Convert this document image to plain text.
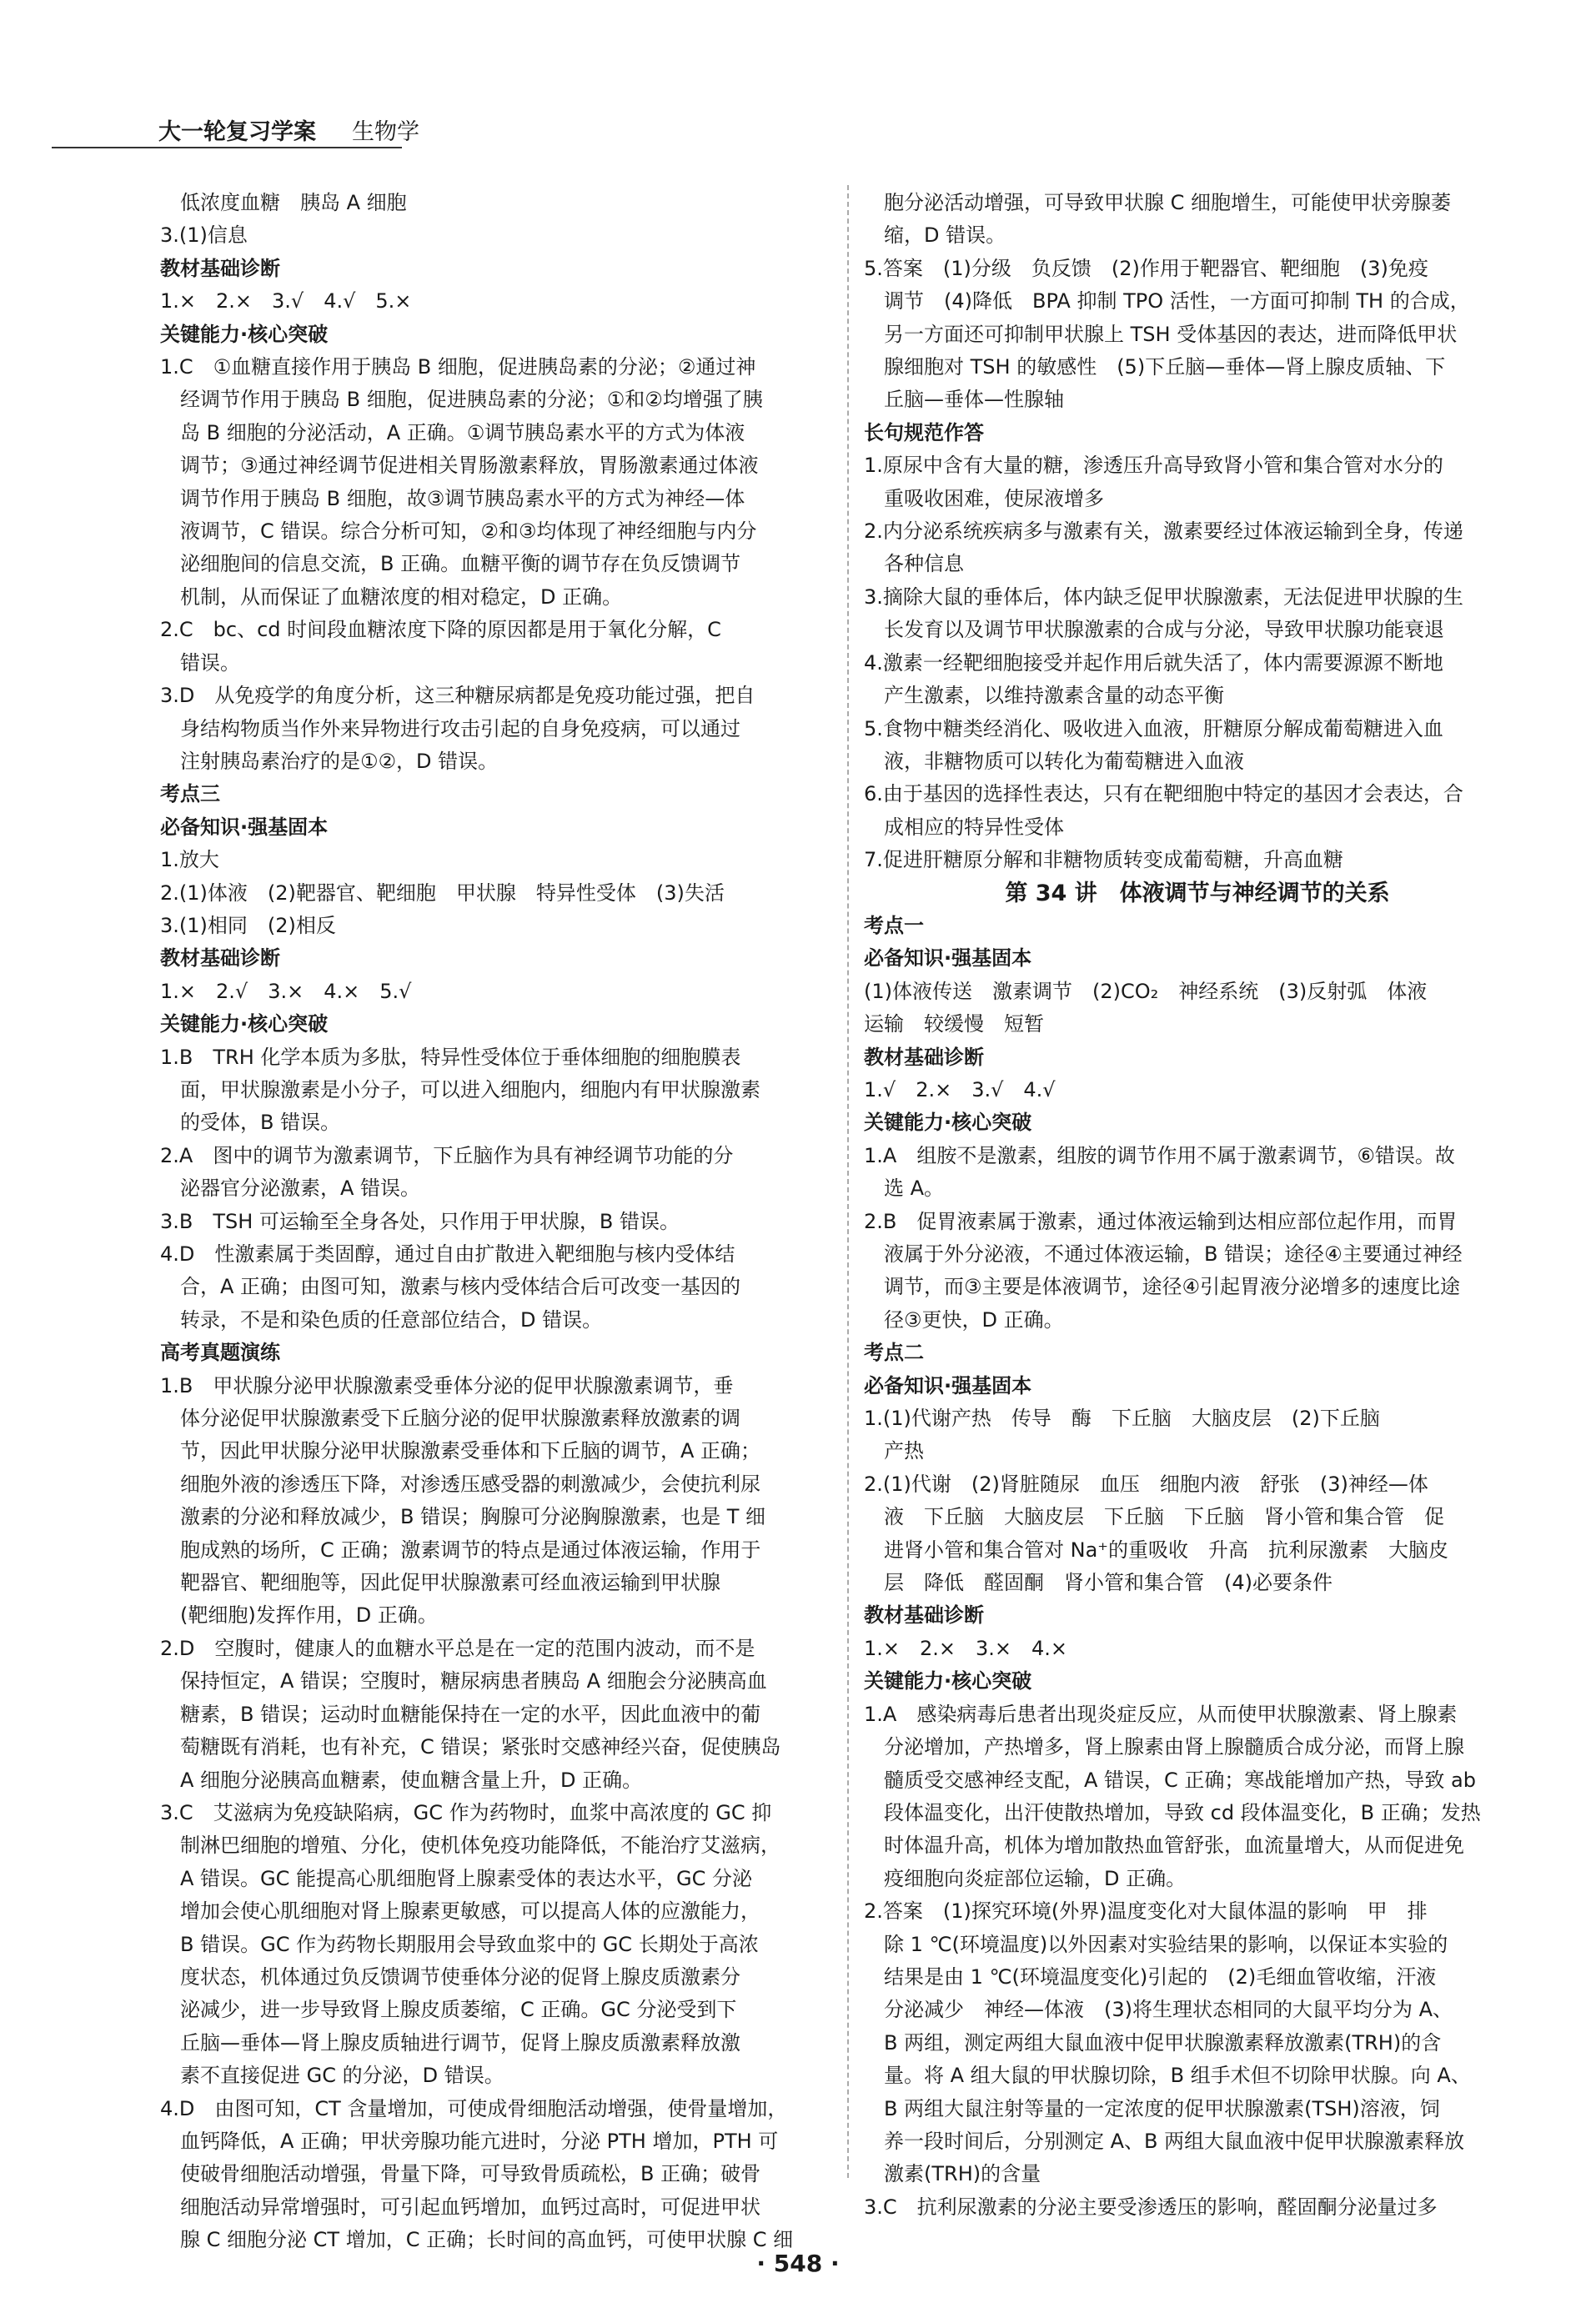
大一轮复习学案 生物学

低浓度血糖　胰岛 A 细胞

3.(1)信息

教材基础诊断

1.×　2.×　3.√　4.√　5.×

关键能力·核心突破

1.C　①血糖直接作用于胰岛 B 细胞，促进胰岛素的分泌；②通过神

经调节作用于胰岛 B 细胞，促进胰岛素的分泌；①和②均增强了胰

岛 B 细胞的分泌活动，A 正确。①调节胰岛素水平的方式为体液

调节；③通过神经调节促进相关胃肠激素释放，胃肠激素通过体液

调节作用于胰岛 B 细胞，故③调节胰岛素水平的方式为神经—体

液调节，C 错误。综合分析可知，②和③均体现了神经细胞与内分

泌细胞间的信息交流，B 正确。血糖平衡的调节存在负反馈调节

机制，从而保证了血糖浓度的相对稳定，D 正确。

2.C　bc、cd 时间段血糖浓度下降的原因都是用于氧化分解，C

错误。

3.D　从免疫学的角度分析，这三种糖尿病都是免疫功能过强，把自

身结构物质当作外来异物进行攻击引起的自身免疫病，可以通过

注射胰岛素治疗的是①②，D 错误。

考点三

必备知识·强基固本

1.放大

2.(1)体液　(2)靶器官、靶细胞　甲状腺　特异性受体　(3)失活

3.(1)相同　(2)相反

教材基础诊断

1.×　2.√　3.×　4.×　5.√

关键能力·核心突破

1.B　TRH 化学本质为多肽，特异性受体位于垂体细胞的细胞膜表

面，甲状腺激素是小分子，可以进入细胞内，细胞内有甲状腺激素

的受体，B 错误。

2.A　图中的调节为激素调节，下丘脑作为具有神经调节功能的分

泌器官分泌激素，A 错误。

3.B　TSH 可运输至全身各处，只作用于甲状腺，B 错误。

4.D　性激素属于类固醇，通过自由扩散进入靶细胞与核内受体结

合，A 正确；由图可知，激素与核内受体结合后可改变一基因的

转录，不是和染色质的任意部位结合，D 错误。

高考真题演练

1.B　甲状腺分泌甲状腺激素受垂体分泌的促甲状腺激素调节，垂

体分泌促甲状腺激素受下丘脑分泌的促甲状腺激素释放激素的调

节，因此甲状腺分泌甲状腺激素受垂体和下丘脑的调节，A 正确；

细胞外液的渗透压下降，对渗透压感受器的刺激减少，会使抗利尿

激素的分泌和释放减少，B 错误；胸腺可分泌胸腺激素，也是 T 细

胞成熟的场所，C 正确；激素调节的特点是通过体液运输，作用于

靶器官、靶细胞等，因此促甲状腺激素可经血液运输到甲状腺

(靶细胞)发挥作用，D 正确。

2.D　空腹时，健康人的血糖水平总是在一定的范围内波动，而不是

保持恒定，A 错误；空腹时，糖尿病患者胰岛 A 细胞会分泌胰高血

糖素，B 错误；运动时血糖能保持在一定的水平，因此血液中的葡

萄糖既有消耗，也有补充，C 错误；紧张时交感神经兴奋，促使胰岛

A 细胞分泌胰高血糖素，使血糖含量上升，D 正确。

3.C　艾滋病为免疫缺陷病，GC 作为药物时，血浆中高浓度的 GC 抑

制淋巴细胞的增殖、分化，使机体免疫功能降低，不能治疗艾滋病，

A 错误。GC 能提高心肌细胞肾上腺素受体的表达水平，GC 分泌

增加会使心肌细胞对肾上腺素更敏感，可以提高人体的应激能力，

B 错误。GC 作为药物长期服用会导致血浆中的 GC 长期处于高浓

度状态，机体通过负反馈调节使垂体分泌的促肾上腺皮质激素分

泌减少，进一步导致肾上腺皮质萎缩，C 正确。GC 分泌受到下

丘脑—垂体—肾上腺皮质轴进行调节，促肾上腺皮质激素释放激

素不直接促进 GC 的分泌，D 错误。

4.D　由图可知，CT 含量增加，可使成骨细胞活动增强，使骨量增加，

血钙降低，A 正确；甲状旁腺功能亢进时，分泌 PTH 增加，PTH 可

使破骨细胞活动增强，骨量下降，可导致骨质疏松，B 正确；破骨

细胞活动异常增强时，可引起血钙增加，血钙过高时，可促进甲状

腺 C 细胞分泌 CT 增加，C 正确；长时间的高血钙，可使甲状腺 C 细

胞分泌活动增强，可导致甲状腺 C 细胞增生，可能使甲状旁腺萎

缩，D 错误。

5.答案　(1)分级　负反馈　(2)作用于靶器官、靶细胞　(3)免疫

调节　(4)降低　BPA 抑制 TPO 活性，一方面可抑制 TH 的合成，

另一方面还可抑制甲状腺上 TSH 受体基因的表达，进而降低甲状

腺细胞对 TSH 的敏感性　(5)下丘脑—垂体—肾上腺皮质轴、下

丘脑—垂体—性腺轴

长句规范作答

1.原尿中含有大量的糖，渗透压升高导致肾小管和集合管对水分的

重吸收困难，使尿液增多

2.内分泌系统疾病多与激素有关，激素要经过体液运输到全身，传递

各种信息

3.摘除大鼠的垂体后，体内缺乏促甲状腺激素，无法促进甲状腺的生

长发育以及调节甲状腺激素的合成与分泌，导致甲状腺功能衰退

4.激素一经靶细胞接受并起作用后就失活了，体内需要源源不断地

产生激素，以维持激素含量的动态平衡

5.食物中糖类经消化、吸收进入血液，肝糖原分解成葡萄糖进入血

液，非糖物质可以转化为葡萄糖进入血液

6.由于基因的选择性表达，只有在靶细胞中特定的基因才会表达，合

成相应的特异性受体

7.促进肝糖原分解和非糖物质转变成葡萄糖，升高血糖

第 34 讲　体液调节与神经调节的关系

考点一

必备知识·强基固本

(1)体液传送　激素调节　(2)CO₂　神经系统　(3)反射弧　体液

运输　较缓慢　短暂

教材基础诊断

1.√　2.×　3.√　4.√

关键能力·核心突破

1.A　组胺不是激素，组胺的调节作用不属于激素调节，⑥错误。故

选 A。

2.B　促胃液素属于激素，通过体液运输到达相应部位起作用，而胃

液属于外分泌液，不通过体液运输，B 错误；途径④主要通过神经

调节，而③主要是体液调节，途径④引起胃液分泌增多的速度比途

径③更快，D 正确。

考点二

必备知识·强基固本

1.(1)代谢产热　传导　酶　下丘脑　大脑皮层　(2)下丘脑

产热

2.(1)代谢　(2)肾脏随尿　血压　细胞内液　舒张　(3)神经—体

液　下丘脑　大脑皮层　下丘脑　下丘脑　肾小管和集合管　促

进肾小管和集合管对 Na⁺的重吸收　升高　抗利尿激素　大脑皮

层　降低　醛固酮　肾小管和集合管　(4)必要条件

教材基础诊断

1.×　2.×　3.×　4.×

关键能力·核心突破

1.A　感染病毒后患者出现炎症反应，从而使甲状腺激素、肾上腺素

分泌增加，产热增多，肾上腺素由肾上腺髓质合成分泌，而肾上腺

髓质受交感神经支配，A 错误，C 正确；寒战能增加产热，导致 ab

段体温变化，出汗使散热增加，导致 cd 段体温变化，B 正确；发热

时体温升高，机体为增加散热血管舒张，血流量增大，从而促进免

疫细胞向炎症部位运输，D 正确。

2.答案　(1)探究环境(外界)温度变化对大鼠体温的影响　甲　排

除 1 ℃(环境温度)以外因素对实验结果的影响，以保证本实验的

结果是由 1 ℃(环境温度变化)引起的　(2)毛细血管收缩，汗液

分泌减少　神经—体液　(3)将生理状态相同的大鼠平均分为 A、

B 两组，测定两组大鼠血液中促甲状腺激素释放激素(TRH)的含

量。将 A 组大鼠的甲状腺切除，B 组手术但不切除甲状腺。向 A、

B 两组大鼠注射等量的一定浓度的促甲状腺激素(TSH)溶液，饲

养一段时间后，分别测定 A、B 两组大鼠血液中促甲状腺激素释放

激素(TRH)的含量

3.C　抗利尿激素的分泌主要受渗透压的影响，醛固酮分泌量过多

· 548 ·
